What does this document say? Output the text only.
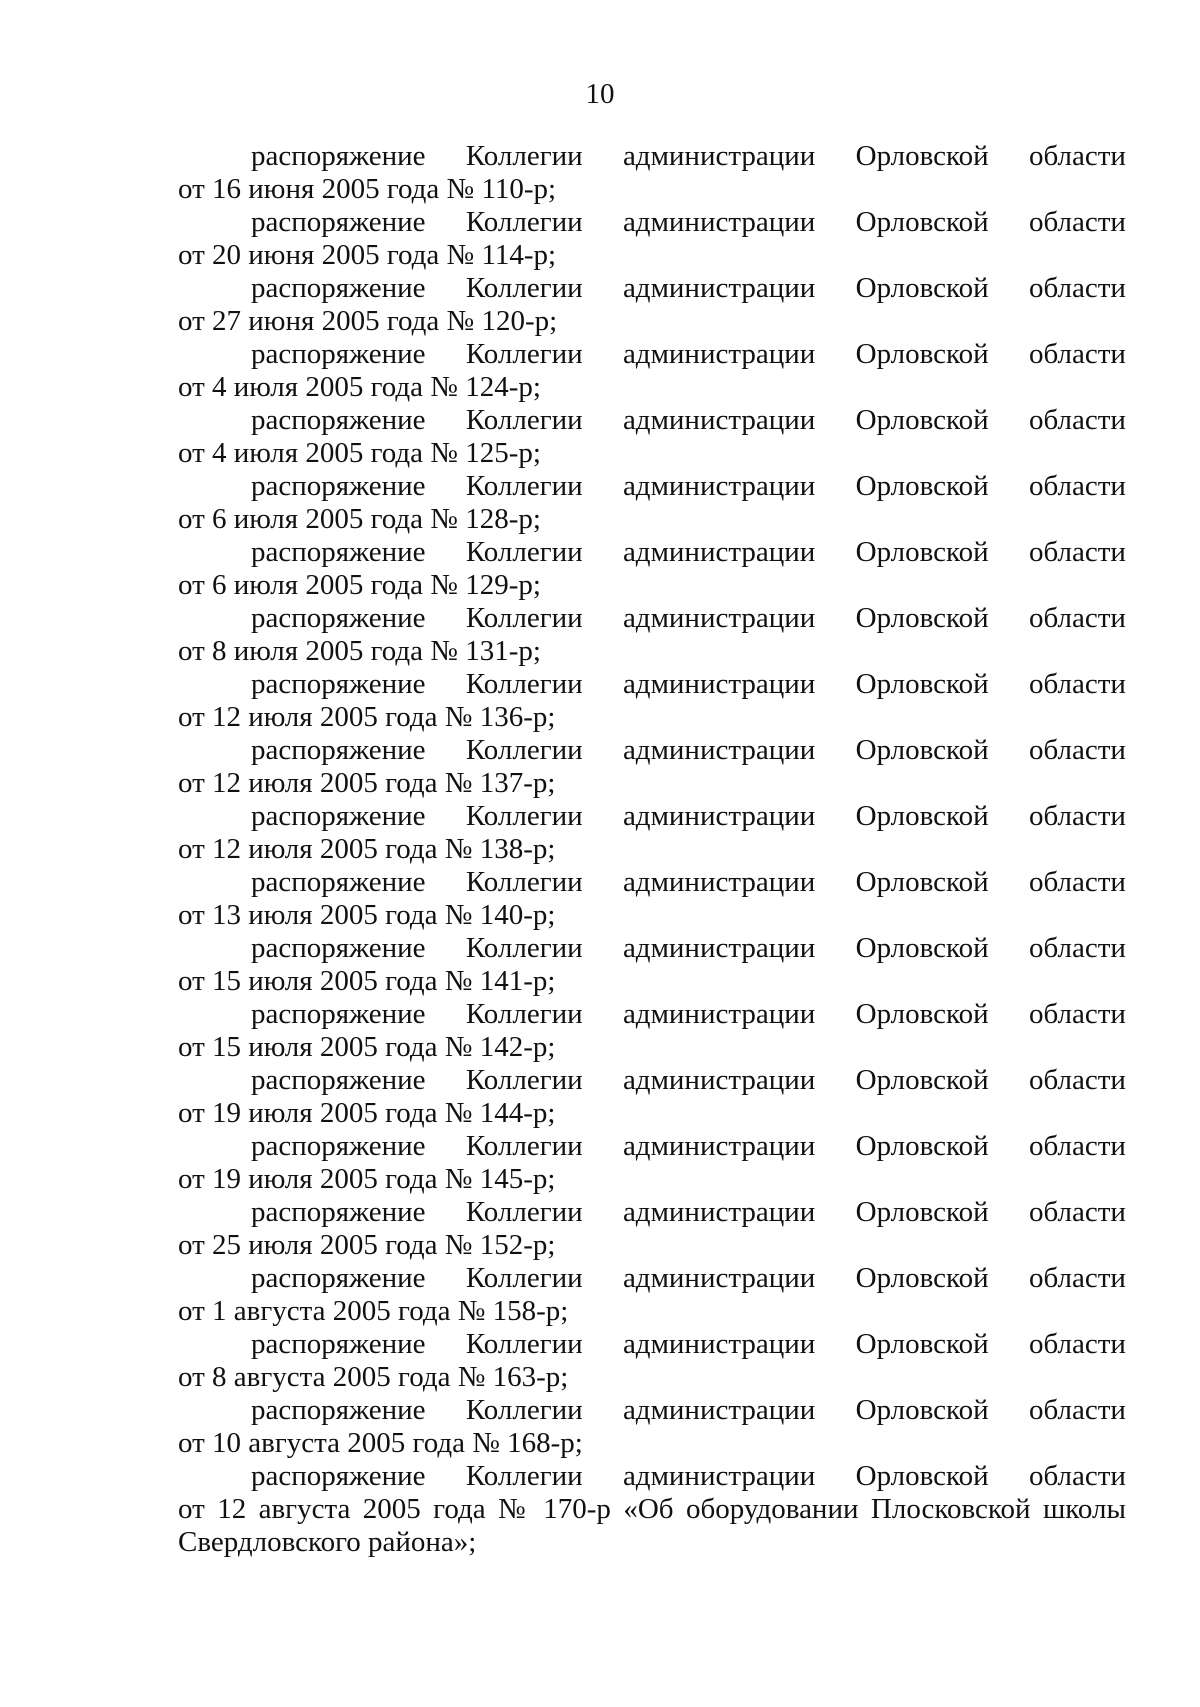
10
распоряжение Коллегии администрации Орловской области
от 16 июня 2005 года № 110-р;
распоряжение Коллегии администрации Орловской области
от 20 июня 2005 года № 114-р;
распоряжение Коллегии администрации Орловской области
от 27 июня 2005 года № 120-р;
распоряжение Коллегии администрации Орловской области
от 4 июля 2005 года № 124-р;
распоряжение Коллегии администрации Орловской области
от 4 июля 2005 года № 125-р;
распоряжение Коллегии администрации Орловской области
от 6 июля 2005 года № 128-р;
распоряжение Коллегии администрации Орловской области
от 6 июля 2005 года № 129-р;
распоряжение Коллегии администрации Орловской области
от 8 июля 2005 года № 131-р;
распоряжение Коллегии администрации Орловской области
от 12 июля 2005 года № 136-р;
распоряжение Коллегии администрации Орловской области
от 12 июля 2005 года № 137-р;
распоряжение Коллегии администрации Орловской области
от 12 июля 2005 года № 138-р;
распоряжение Коллегии администрации Орловской области
от 13 июля 2005 года № 140-р;
распоряжение Коллегии администрации Орловской области
от 15 июля 2005 года № 141-р;
распоряжение Коллегии администрации Орловской области
от 15 июля 2005 года № 142-р;
распоряжение Коллегии администрации Орловской области
от 19 июля 2005 года № 144-р;
распоряжение Коллегии администрации Орловской области
от 19 июля 2005 года № 145-р;
распоряжение Коллегии администрации Орловской области
от 25 июля 2005 года № 152-р;
распоряжение Коллегии администрации Орловской области
от 1 августа 2005 года № 158-р;
распоряжение Коллегии администрации Орловской области
от 8 августа 2005 года № 163-р;
распоряжение Коллегии администрации Орловской области
от 10 августа 2005 года № 168-р;
распоряжение Коллегии администрации Орловской области
от 12 августа 2005 года № 170-р «Об оборудовании Плосковской школы
Свердловского района»;
